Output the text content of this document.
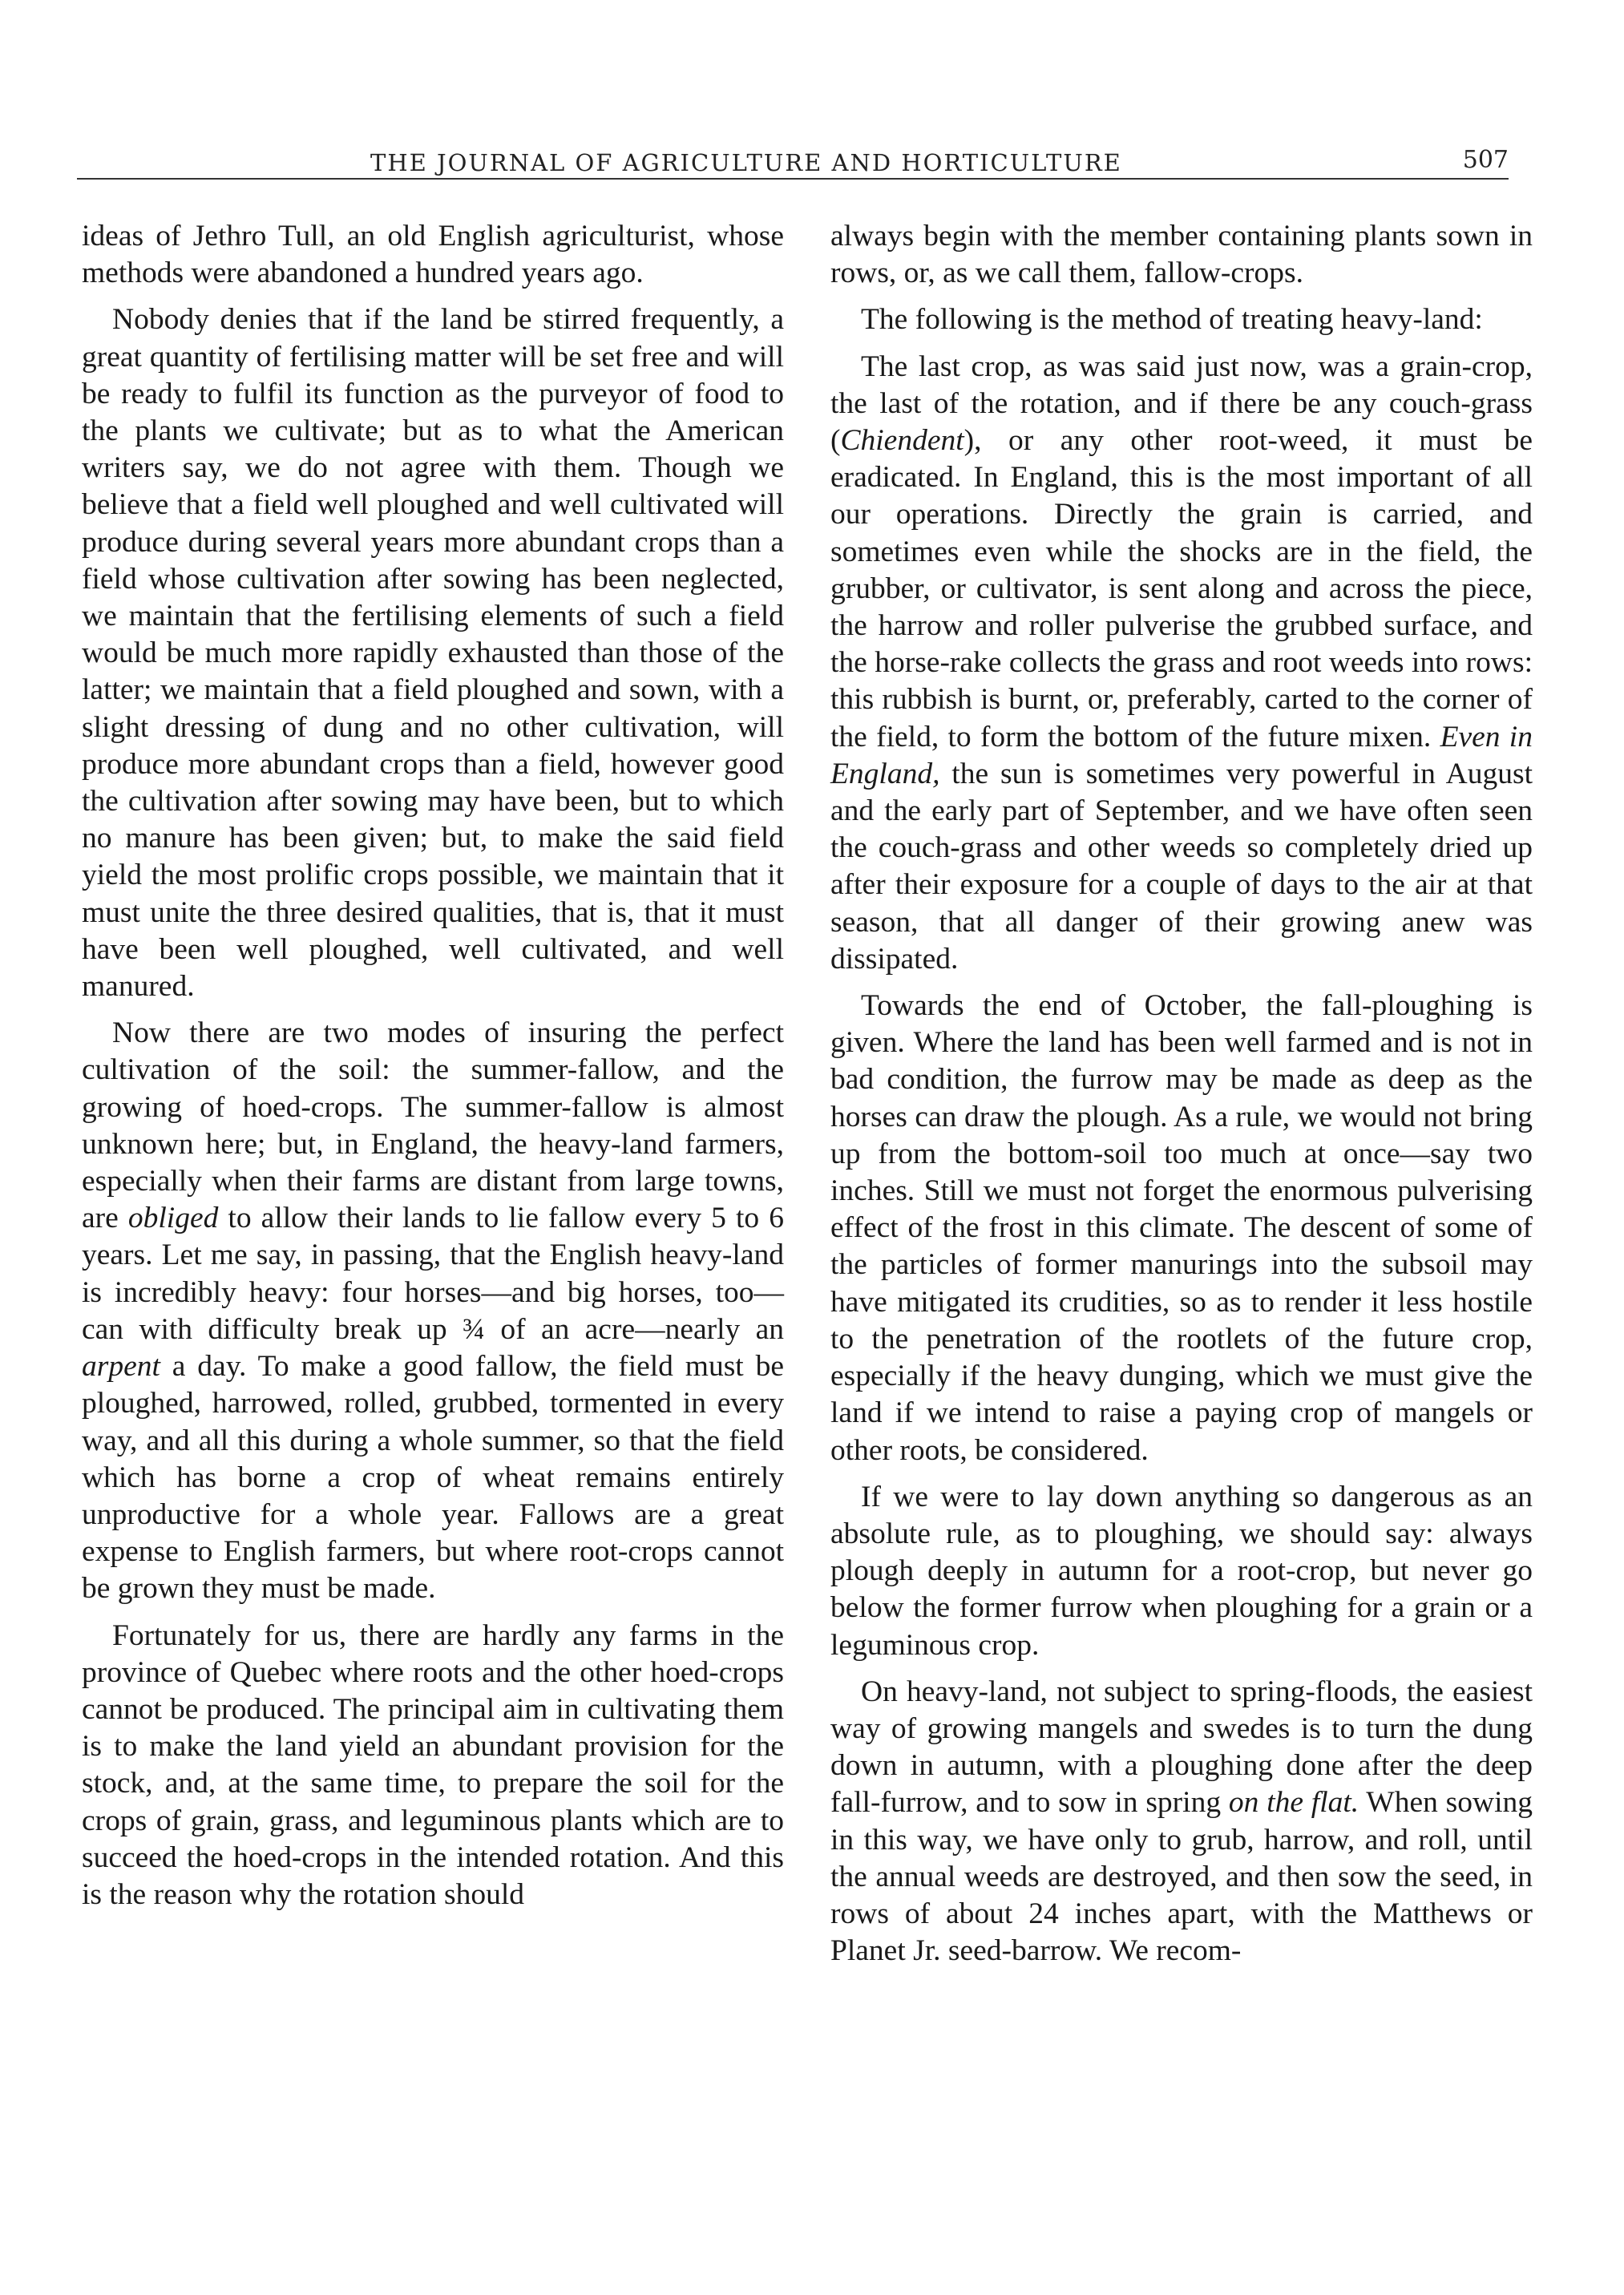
THE JOURNAL OF AGRICULTURE AND HORTICULTURE	507

ideas of Jethro Tull, an old English agriculturist, whose methods were abandoned a hundred years ago.

Nobody denies that if the land be stirred frequently, a great quantity of fertilising matter will be set free and will be ready to fulfil its function as the purveyor of food to the plants we cultivate; but as to what the American writers say, we do not agree with them. Though we believe that a field well ploughed and well cultivated will produce during several years more abundant crops than a field whose cultivation after sowing has been neglected, we maintain that the fertilising elements of such a field would be much more rapidly exhausted than those of the latter; we maintain that a field ploughed and sown, with a slight dressing of dung and no other cultivation, will produce more abundant crops than a field, however good the cultivation after sowing may have been, but to which no manure has been given; but, to make the said field yield the most prolific crops possible, we maintain that it must unite the three desired qualities, that is, that it must have been well ploughed, well cultivated, and well manured.

Now there are two modes of insuring the perfect cultivation of the soil: the summer-fallow, and the growing of hoed-crops. The summer-fallow is almost unknown here; but, in England, the heavy-land farmers, especially when their farms are distant from large towns, are obliged to allow their lands to lie fallow every 5 to 6 years. Let me say, in passing, that the English heavy-land is incredibly heavy: four horses—and big horses, too—can with difficulty break up ¾ of an acre—nearly an arpent a day. To make a good fallow, the field must be ploughed, harrowed, rolled, grubbed, tormented in every way, and all this during a whole summer, so that the field which has borne a crop of wheat remains entirely unproductive for a whole year. Fallows are a great expense to English farmers, but where root-crops cannot be grown they must be made.

Fortunately for us, there are hardly any farms in the province of Quebec where roots and the other hoed-crops cannot be produced. The principal aim in cultivating them is to make the land yield an abundant provision for the stock, and, at the same time, to prepare the soil for the crops of grain, grass, and leguminous plants which are to succeed the hoed-crops in the intended rotation. And this is the reason why the rotation should

always begin with the member containing plants sown in rows, or, as we call them, fallow-crops.

The following is the method of treating heavy-land:

The last crop, as was said just now, was a grain-crop, the last of the rotation, and if there be any couch-grass (Chiendent), or any other root-weed, it must be eradicated. In England, this is the most important of all our operations. Directly the grain is carried, and sometimes even while the shocks are in the field, the grubber, or cultivator, is sent along and across the piece, the harrow and roller pulverise the grubbed surface, and the horse-rake collects the grass and root weeds into rows: this rubbish is burnt, or, preferably, carted to the corner of the field, to form the bottom of the future mixen. Even in England, the sun is sometimes very powerful in August and the early part of September, and we have often seen the couch-grass and other weeds so completely dried up after their exposure for a couple of days to the air at that season, that all danger of their growing anew was dissipated.

Towards the end of October, the fall-ploughing is given. Where the land has been well farmed and is not in bad condition, the furrow may be made as deep as the horses can draw the plough. As a rule, we would not bring up from the bottom-soil too much at once—say two inches. Still we must not forget the enormous pulverising effect of the frost in this climate. The descent of some of the particles of former manurings into the subsoil may have mitigated its crudities, so as to render it less hostile to the penetration of the rootlets of the future crop, especially if the heavy dunging, which we must give the land if we intend to raise a paying crop of mangels or other roots, be considered.

If we were to lay down anything so dangerous as an absolute rule, as to ploughing, we should say: always plough deeply in autumn for a root-crop, but never go below the former furrow when ploughing for a grain or a leguminous crop.

On heavy-land, not subject to spring-floods, the easiest way of growing mangels and swedes is to turn the dung down in autumn, with a ploughing done after the deep fall-furrow, and to sow in spring on the flat. When sowing in this way, we have only to grub, harrow, and roll, until the annual weeds are destroyed, and then sow the seed, in rows of about 24 inches apart, with the Matthews or Planet Jr. seed-barrow. We recom-
